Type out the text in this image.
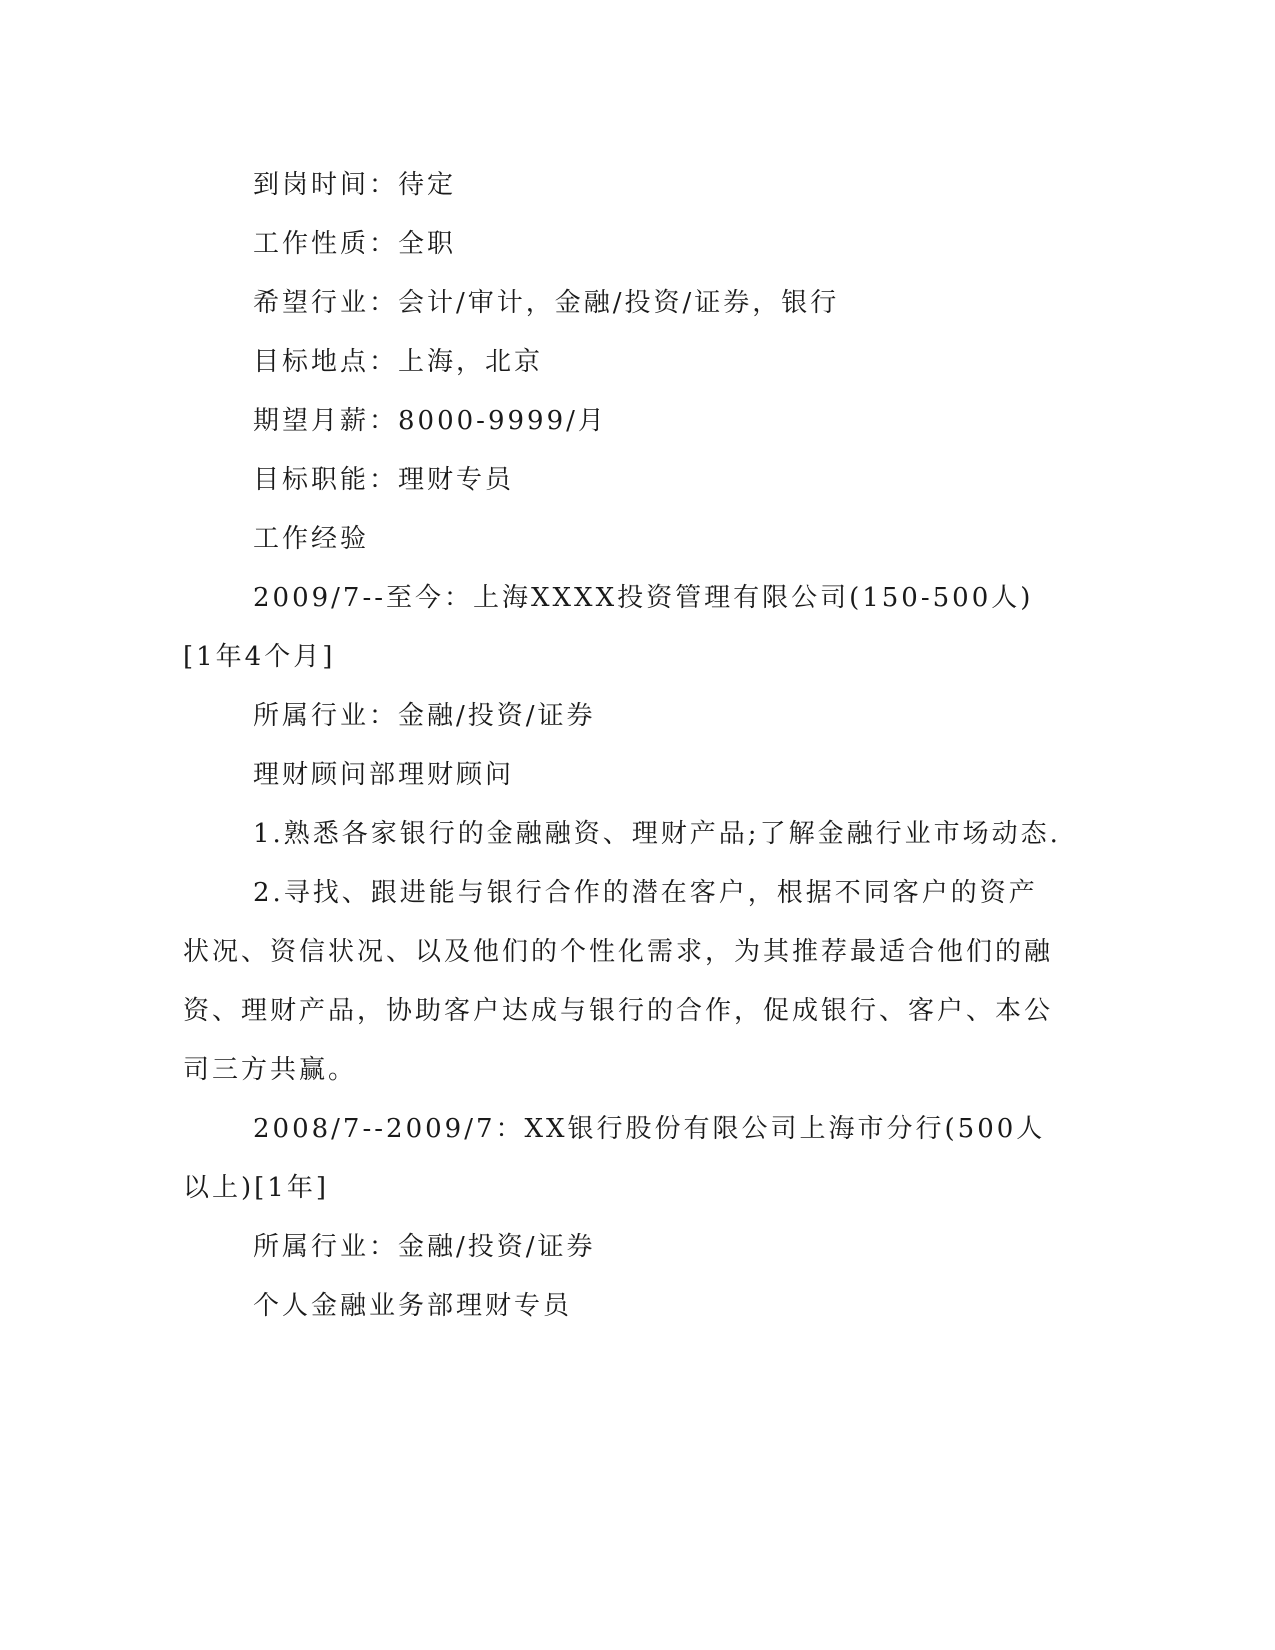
到岗时间：待定

工作性质：全职

希望行业：会计/审计，金融/投资/证券，银行

目标地点：上海，北京

期望月薪：8000-9999/月

目标职能：理财专员

工作经验

2009/7--至今：上海XXXX投资管理有限公司(150-500人)[1年4个月]

所属行业：金融/投资/证券

理财顾问部理财顾问

1.熟悉各家银行的金融融资、理财产品;了解金融行业市场动态.

2.寻找、跟进能与银行合作的潜在客户，根据不同客户的资产状况、资信状况、以及他们的个性化需求，为其推荐最适合他们的融资、理财产品，协助客户达成与银行的合作，促成银行、客户、本公司三方共赢。

2008/7--2009/7：XX银行股份有限公司上海市分行(500人以上)[1年]

所属行业：金融/投资/证券

个人金融业务部理财专员
